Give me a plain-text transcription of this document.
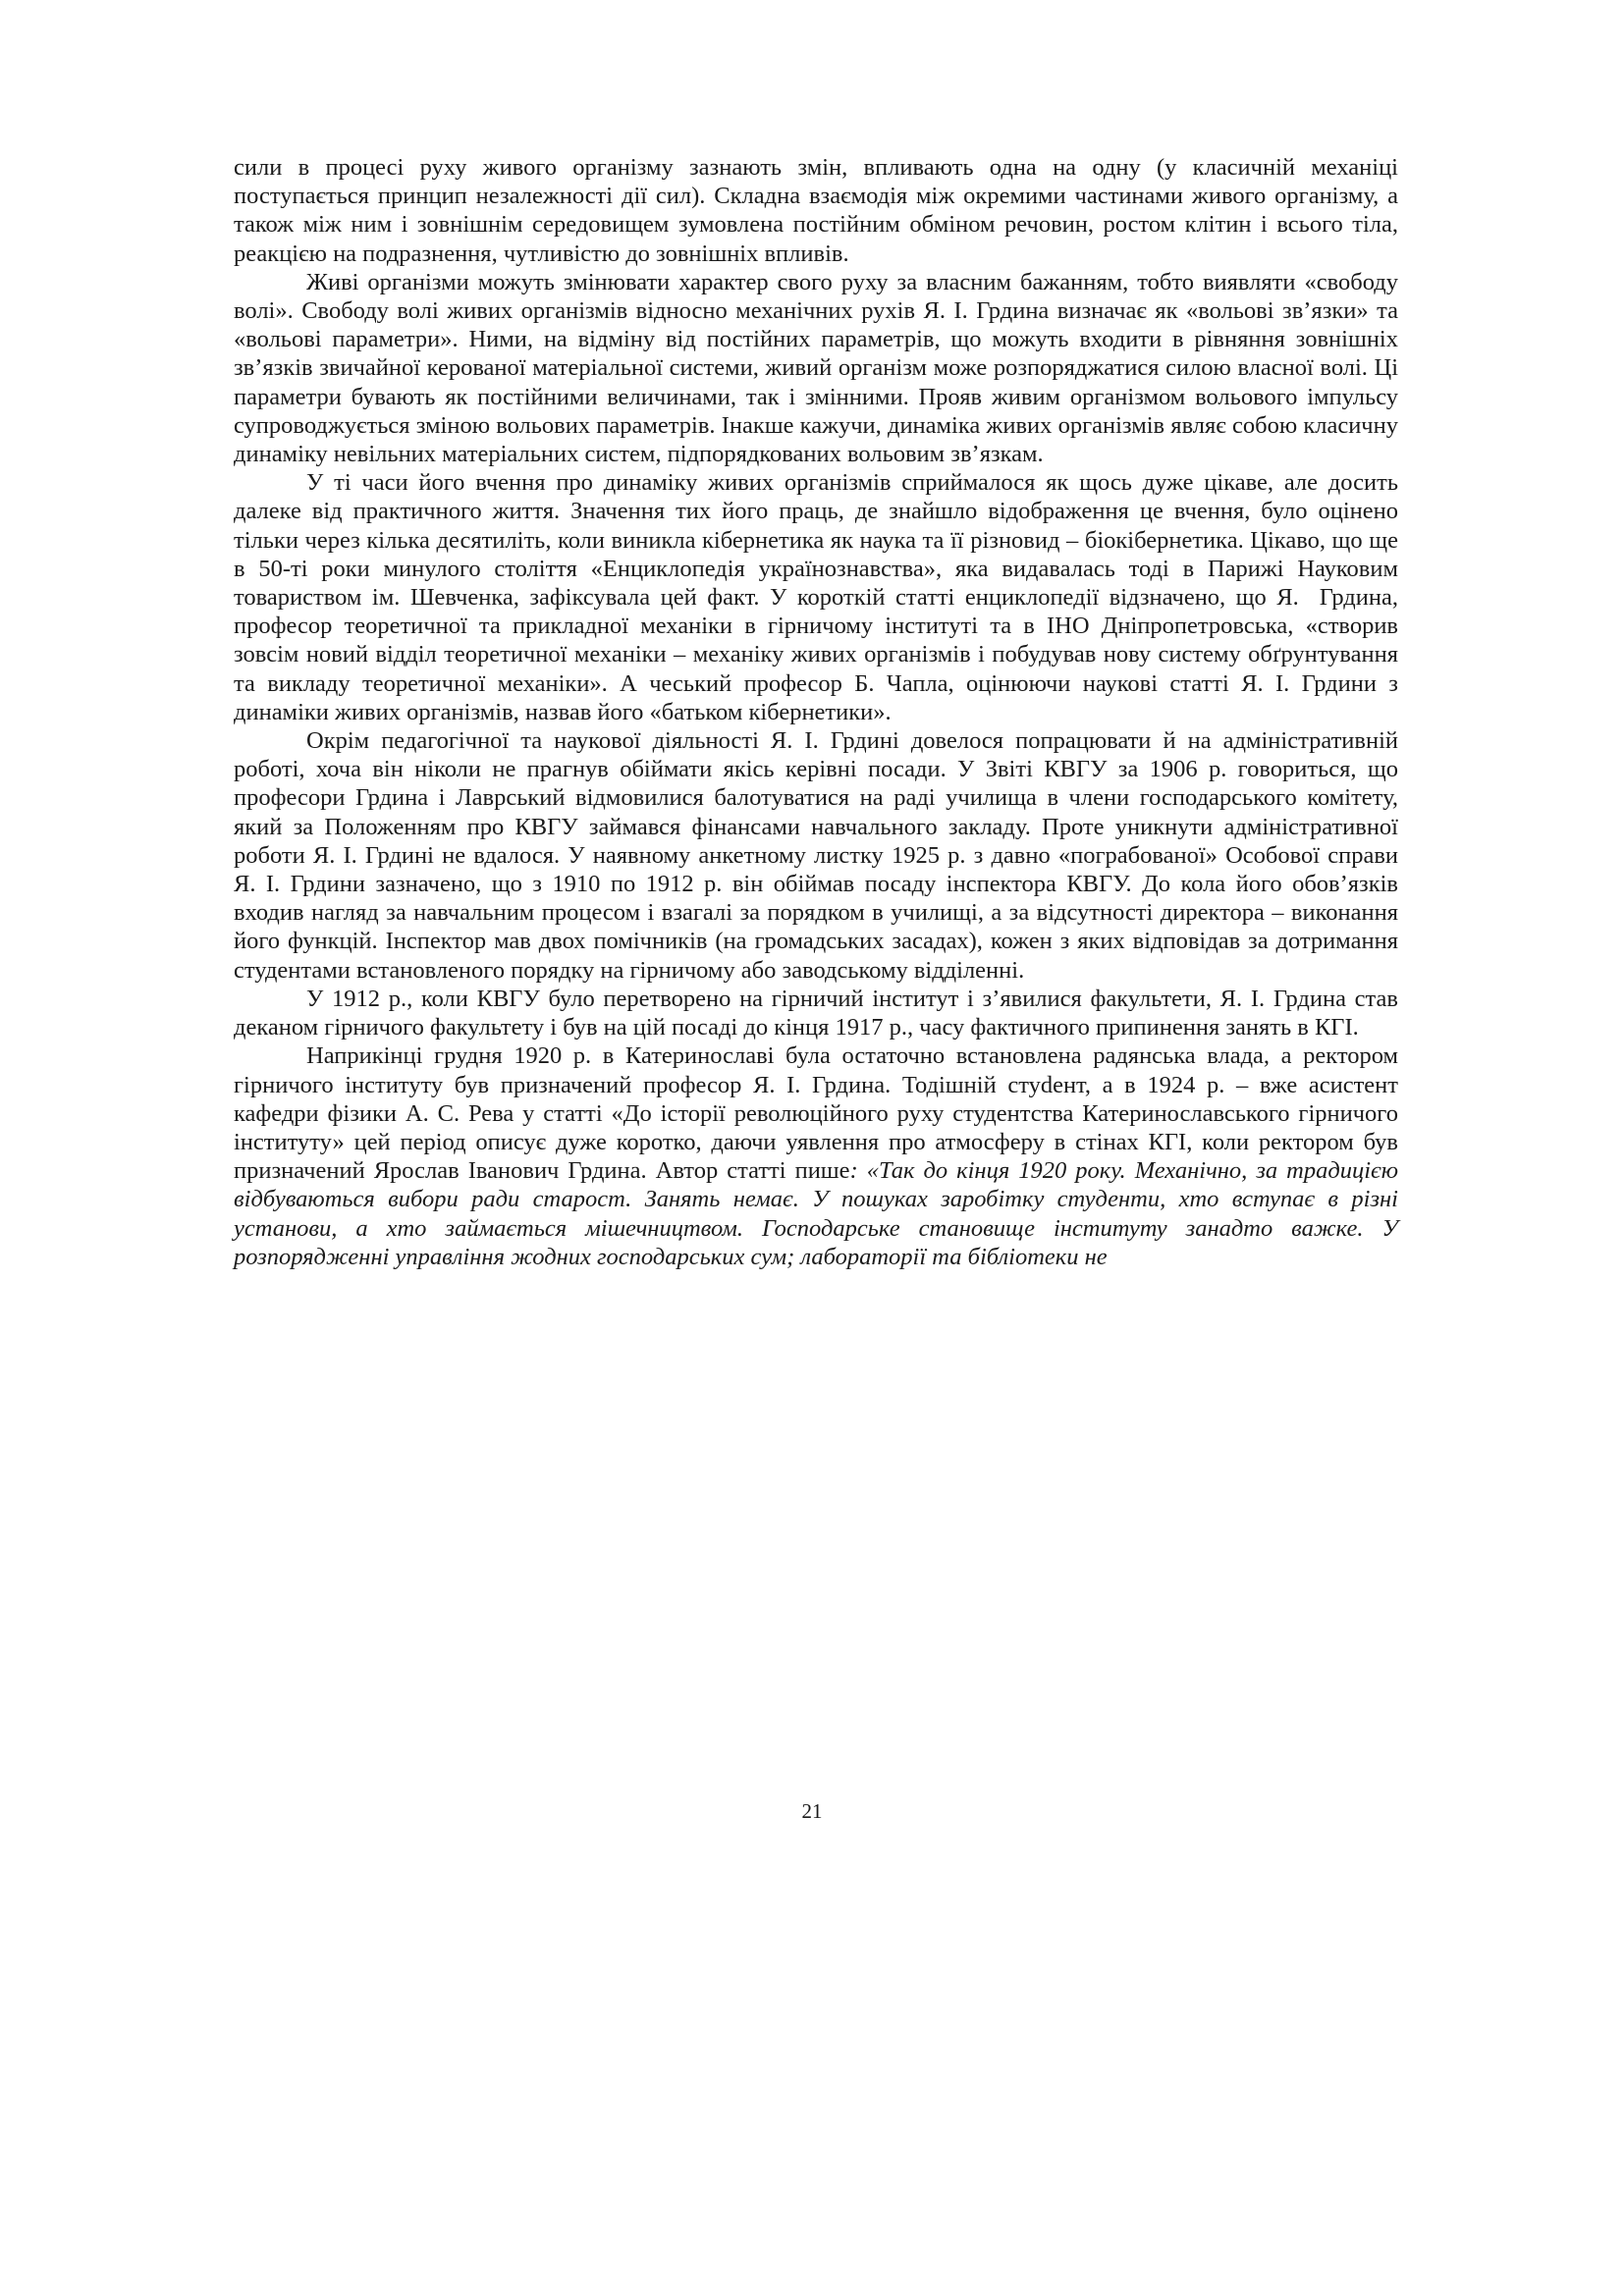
сили в процесі руху живого організму зазнають змін, впливають одна на одну (у класичній механіці поступається принцип незалежності дії сил). Складна взаємодія між окремими частинами живого організму, а також між ним і зовнішнім середовищем зумовлена постійним обміном речовин, ростом клітин і всього тіла, реакцією на подразнення, чутливістю до зовнішніх впливів.

Живі організми можуть змінювати характер свого руху за власним бажанням, тобто виявляти «свободу волі». Свободу волі живих організмів відносно механічних рухів Я. І. Грдина визначає як «вольові зв’язки» та «вольові параметри». Ними, на відміну від постійних параметрів, що можуть входити в рівняння зовнішніх зв’язків звичайної керованої матеріальної системи, живий організм може розпоряджатися силою власної волі. Ці параметри бувають як постійними величинами, так і змінними. Прояв живим організмом вольового імпульсу супроводжується зміною вольових параметрів. Інакше кажучи, динаміка живих організмів являє собою класичну динаміку невільних матеріальних систем, підпорядкованих вольовим зв’язкам.

У ті часи його вчення про динаміку живих організмів сприймалося як щось дуже цікаве, але досить далеке від практичного життя. Значення тих його праць, де знайшло відображення це вчення, було оцінено тільки через кілька десятиліть, коли виникла кібернетика як наука та її різновид – біокібернетика. Цікаво, що ще в 50-ті роки минулого століття «Енциклопедія українознавства», яка видавалась тоді в Парижі Науковим товариством ім. Шевченка, зафіксувала цей факт. У короткій статті енциклопедії відзначено, що Я.  Грдина, професор теоретичної та прикладної механіки в гірничому інституті та в ІНО Дніпропетровська, «створив зовсім новий відділ теоретичної механіки – механіку живих організмів і побудував нову систему обґрунтування та викладу теоретичної механіки». А чеський професор Б. Чапла, оцінюючи наукові статті Я. І. Грдини з динаміки живих організмів, назвав його «батьком кібернетики».

Окрім педагогічної та наукової діяльності Я. І. Грдині довелося попрацювати й на адміністративній роботі, хоча він ніколи не прагнув обіймати якісь керівні посади. У Звіті КВГУ за 1906 р. говориться, що професори Грдина і Лаврський відмовилися балотуватися на раді училища в члени господарського комітету, який за Положенням про КВГУ займався фінансами навчального закладу. Проте уникнути адміністративної роботи Я. І. Грдині не вдалося. У наявному анкетному листку 1925 р. з давно «пограбованої» Особової справи Я. І. Грдини зазначено, що з 1910 по 1912 р. він обіймав посаду інспектора КВГУ. До кола його обов’язків входив нагляд за навчальним процесом і взагалі за порядком в училищі, а за відсутності директора – виконання його функцій. Інспектор мав двох помічників (на громадських засадах), кожен з яких відповідав за дотримання студентами встановленого порядку на гірничому або заводському відділенні.

У 1912 р., коли КВГУ було перетворено на гірничий інститут і з’явилися факультети, Я. І. Грдина став деканом гірничого факультету і був на цій посаді до кінця 1917 р., часу фактичного припинення занять в КГІ.

Наприкінці грудня 1920 р. в Катеринославі була остаточно встановлена радянська влада, а ректором гірничого інституту був призначений професор Я. І. Грдина. Тодішній стуdент, а в 1924 р. – вже асистент кафедри фізики А. С. Рева у статті «До історії революційного руху студентства Катеринославського гірничого інституту» цей період описує дуже коротко, даючи уявлення про атмосферу в стінах КГІ, коли ректором був призначений Ярослав Іванович Грдина. Автор статті пише: «Так до кінця 1920 року. Механічно, за традицією відбуваються вибори ради старост. Занять немає. У пошуках заробітку студенти, хто вступає в різні установи, а хто займається мішечництвом. Господарське становище інституту занадто важке. У розпорядженні управління жодних господарських сум; лабораторії та бібліотеки не

21
